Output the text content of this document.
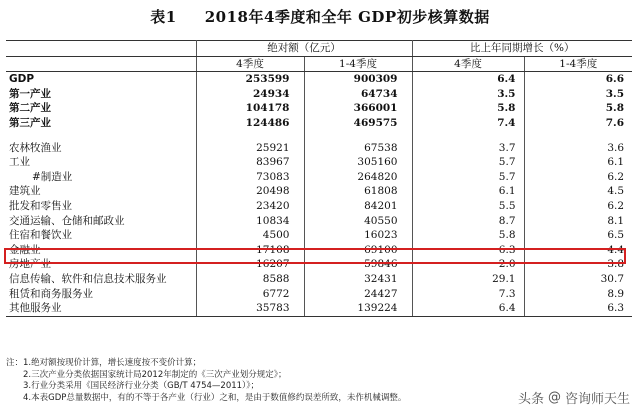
表1 2018年4季度和全年 GDP初步核算数据
	绝对额（亿元）		比上年同期增长（%）	
	4季度	1-4季度	4季度	1-4季度
GDP	253599	900309	6.4	6.6
第一产业	24934	64734	3.5	3.5
第二产业	104178	366001	5.8	5.8
第三产业	124486	469575	7.4	7.6

农林牧渔业	25921	67538	3.7	3.6
工业	83967	305160	5.7	6.1
#制造业	73083	264820	5.7	6.2
建筑业	20498	61808	6.1	4.5
批发和零售业	23420	84201	5.5	6.2
交通运输、仓储和邮政业	10834	40550	8.7	8.1
住宿和餐饮业	4500	16023	5.8	6.5
金融业	17108	69100	6.3	4.4
房地产业	16207	59846	2.0	3.8
信息传输、软件和信息技术服务业	8588	32431	29.1	30.7
租赁和商务服务业	6772	24427	7.3	8.9
其他服务业	35783	139224	6.4	6.3
注：1.绝对额按现价计算，增长速度按不变价计算；
2.三次产业分类依据国家统计局2012年制定的《三次产业划分规定》；
3.行业分类采用《国民经济行业分类（GB/T 4754—2011）》；
4.本表GDP总量数据中，有的不等于各产业（行业）之和，是由于数值修约误差所致，未作机械调整。	头条 @ 咨询师天生
